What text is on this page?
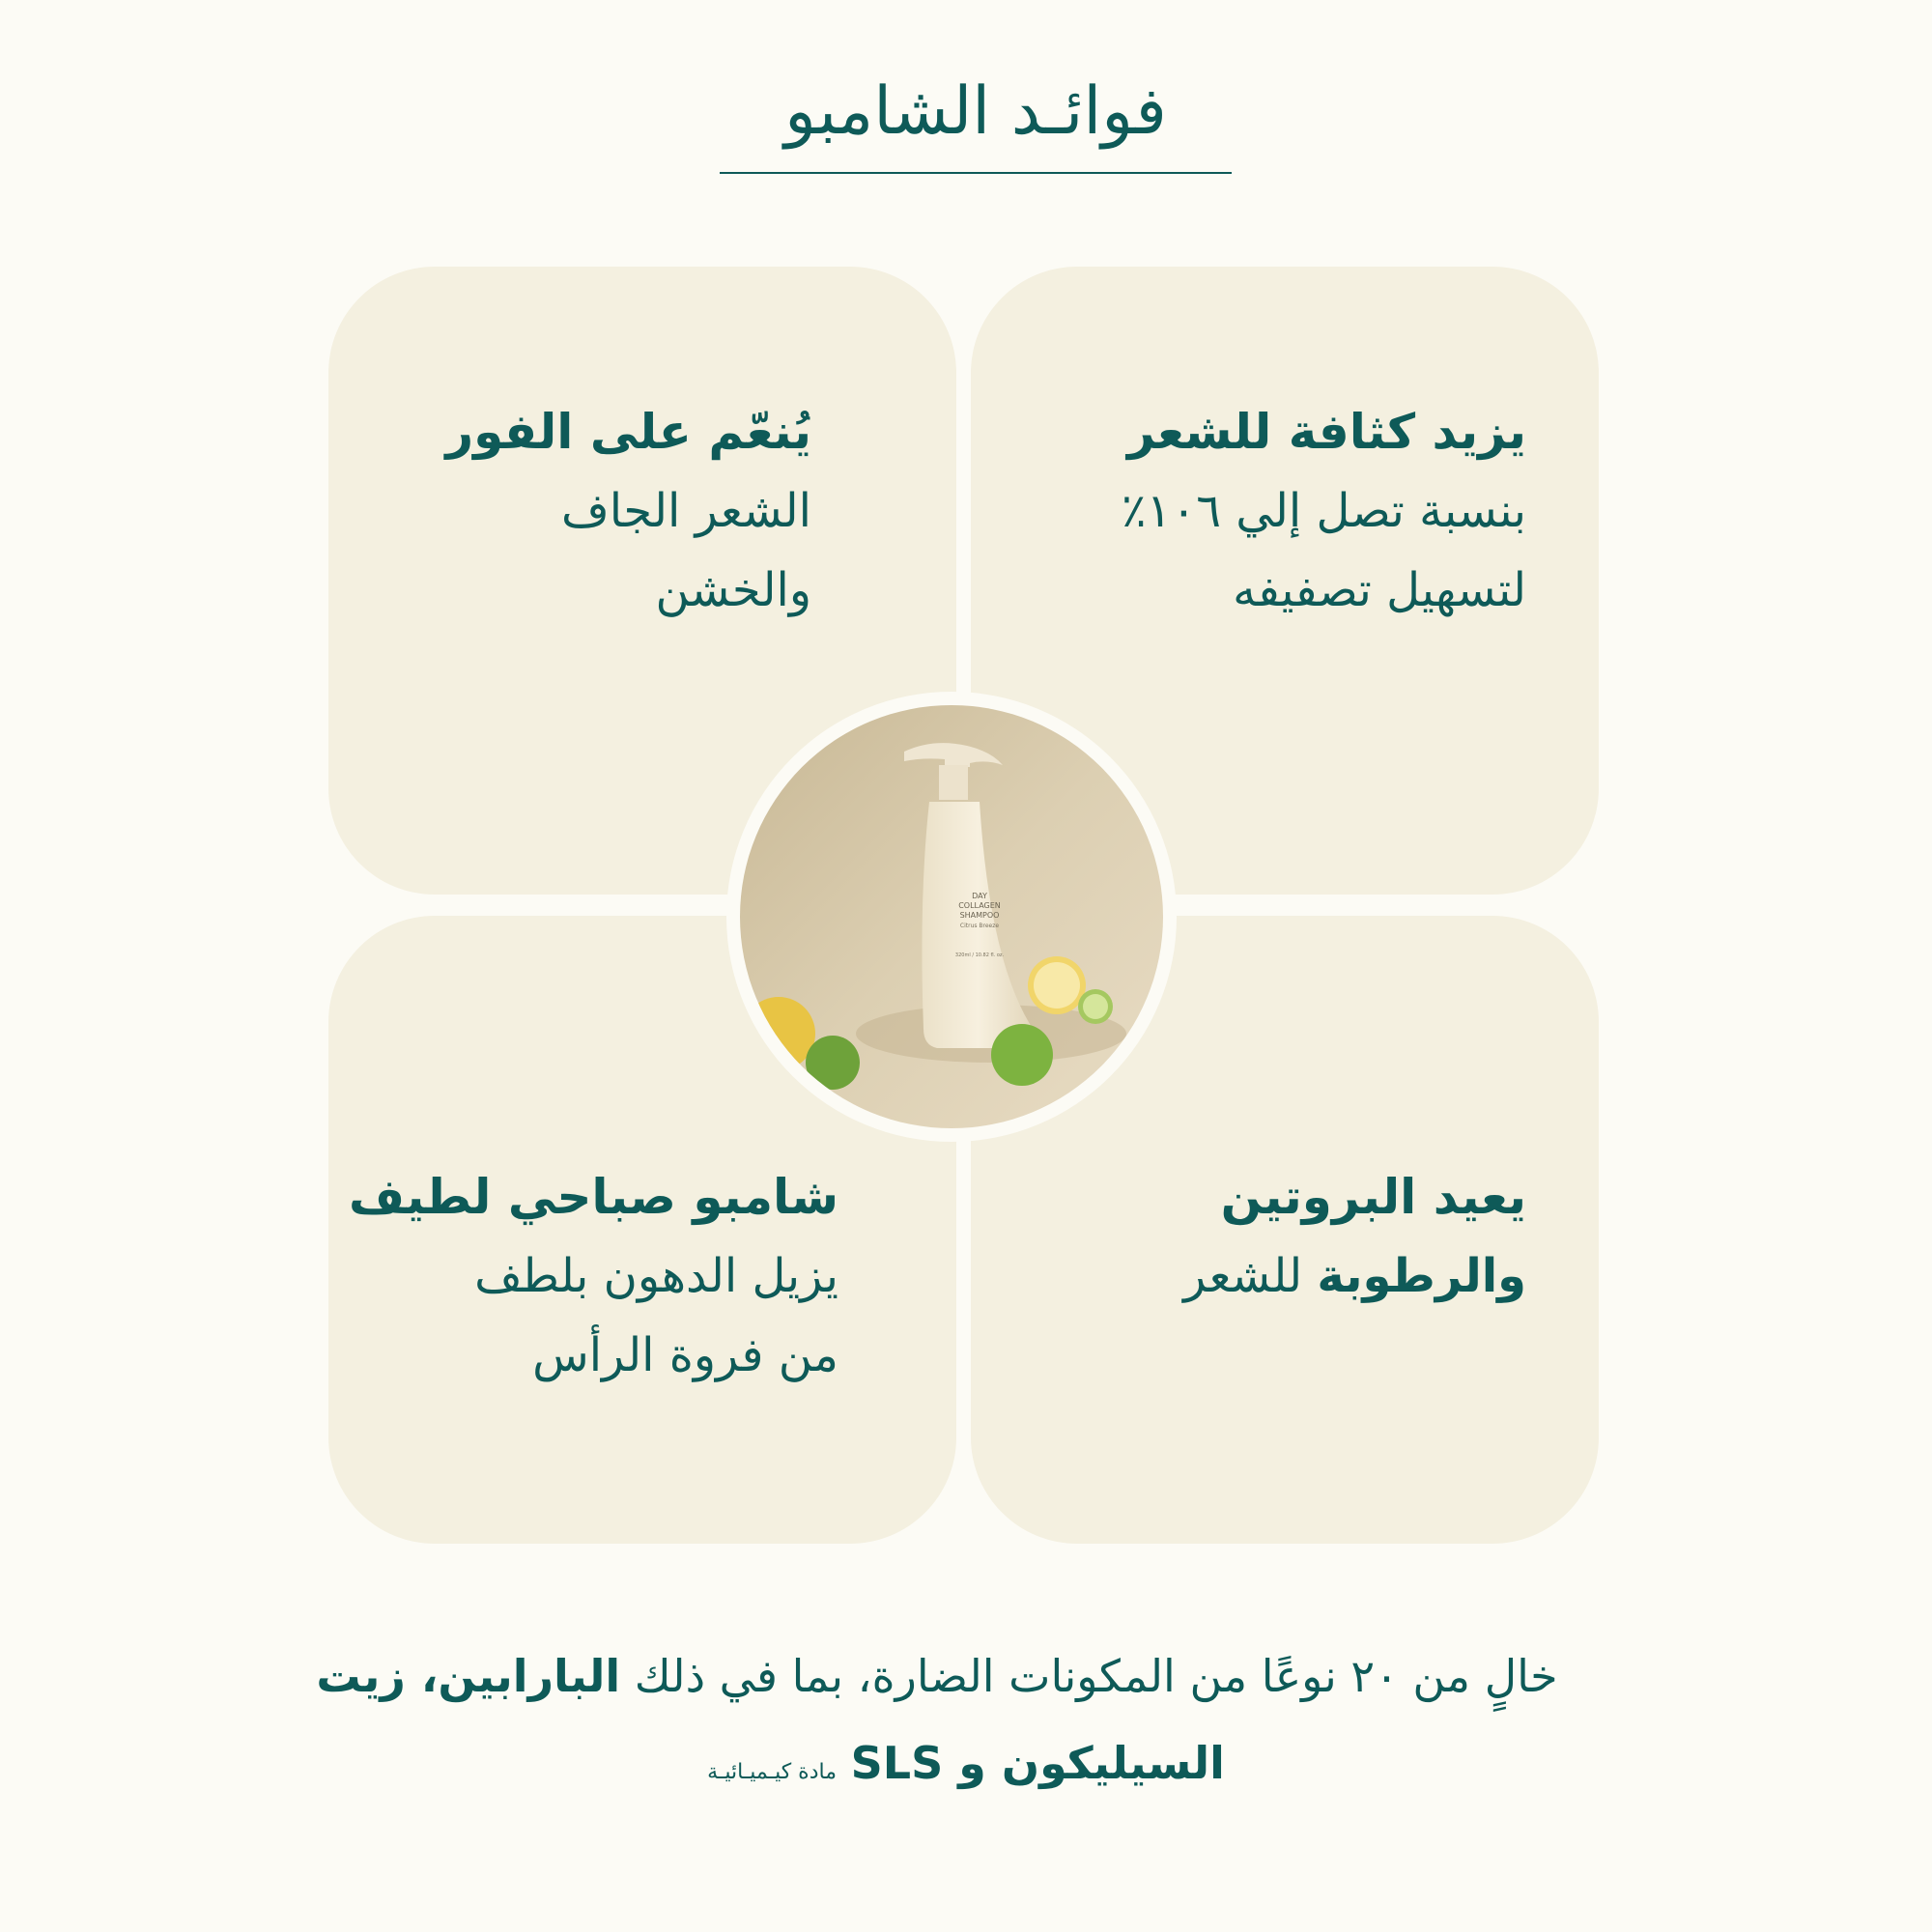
فوائـد الشامبو
يُنعّم على الفور
الشعر الجاف
والخشن
يزيد كثافة للشعر
بنسبة تصل إلي ١٠٦٪
لتسهيل تصفيفه
شامبو صباحي لطيف
يزيل الدهون بلطف
من فروة الرأس
يعيد البروتين
والرطوبة للشعر
DAY
COLLAGEN
SHAMPOO
Citrus Breeze
320ml / 10.82 fl. oz.
خالٍ من ٢٠ نوعًا من المكونات الضارة، بما في ذلك البارابين، زيت
السيليكون و SLS مادة كيـميـائيـة
